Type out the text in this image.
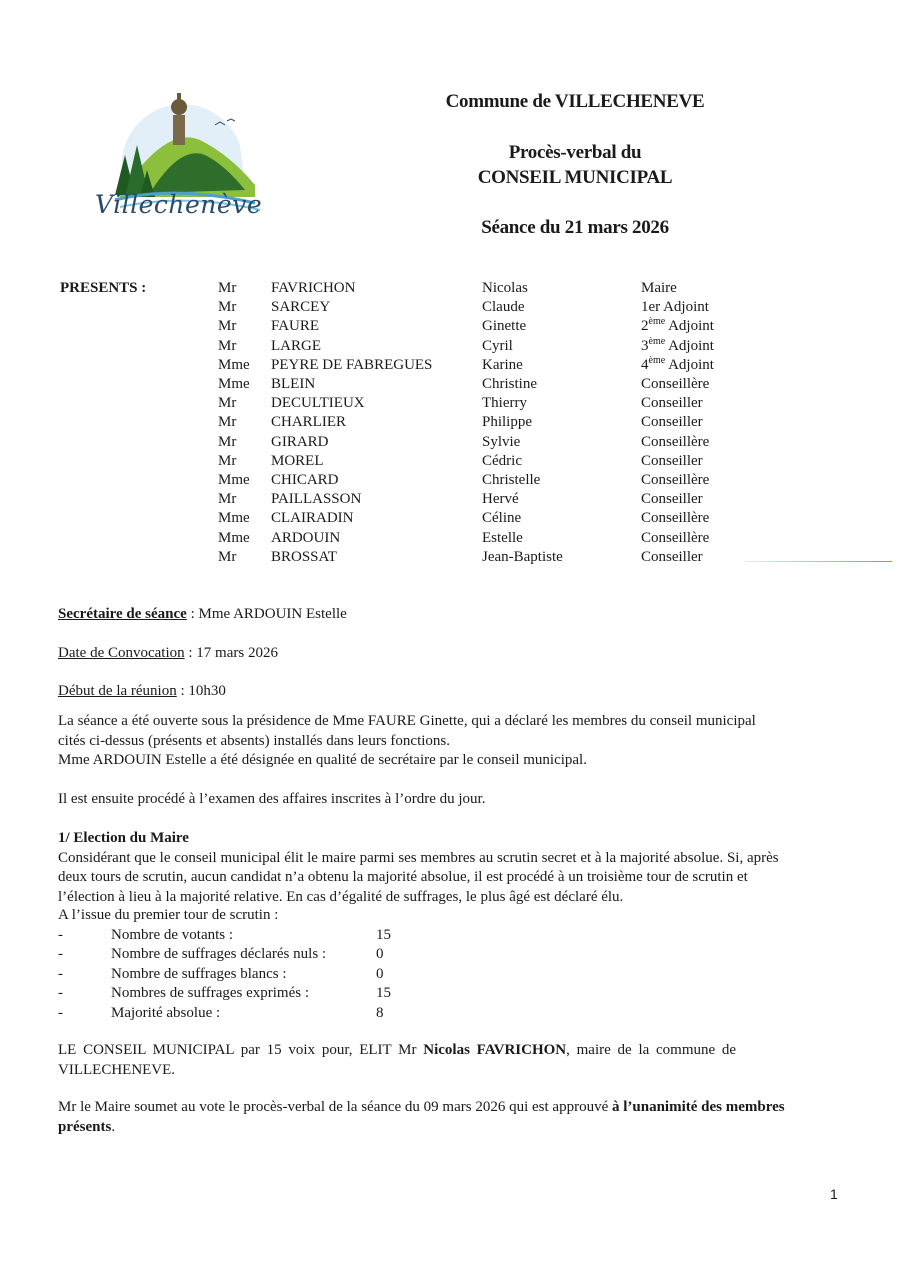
Villechenève
Commune de VILLECHENEVE
Procès-verbal du
CONSEIL MUNICIPAL
Séance du 21 mars 2026
PRESENTS :	Mr FAVRICHON	Nicolas	Maire
Mr SARCEY	Claude	1er Adjoint
Mr FAURE	Ginette	2ème Adjoint
Mr LARGE	Cyril	3ème Adjoint
Mme PEYRE DE FABREGUES	Karine	4ème Adjoint
Mme BLEIN	Christine	Conseillère
Mr DECULTIEUX	Thierry	Conseiller
Mr CHARLIER	Philippe	Conseiller
Mr GIRARD	Sylvie	Conseillère
Mr MOREL	Cédric	Conseiller
Mme CHICARD	Christelle	Conseillère
Mr PAILLASSON	Hervé	Conseiller
Mme CLAIRADIN	Céline	Conseillère
Mme ARDOUIN	Estelle	Conseillère
Mr BROSSAT	Jean-Baptiste	Conseiller
Secrétaire de séance : Mme ARDOUIN Estelle
Date de Convocation : 17 mars 2026
Début de la réunion : 10h30
La séance a été ouverte sous la présidence de Mme FAURE Ginette, qui a déclaré les membres du conseil municipal
cités ci-dessus (présents et absents) installés dans leurs fonctions.
Mme ARDOUIN Estelle a été désignée en qualité de secrétaire par le conseil municipal.
Il est ensuite procédé à l’examen des affaires inscrites à l’ordre du jour.
1/ Election du Maire
Considérant que le conseil municipal élit le maire parmi ses membres au scrutin secret et à la majorité absolue. Si, après
deux tours de scrutin, aucun candidat n’a obtenu la majorité absolue, il est procédé à un troisième tour de scrutin et
l’élection à lieu à la majorité relative. En cas d’égalité de suffrages, le plus âgé est déclaré élu.
A l’issue du premier tour de scrutin :
-	Nombre de votants :	15
-	Nombre de suffrages déclarés nuls :	0
-	Nombre de suffrages blancs :	0
-	Nombres de suffrages exprimés :	15
-	Majorité absolue :	8
LE CONSEIL MUNICIPAL par 15 voix pour, ELIT Mr Nicolas FAVRICHON, maire de la commune de
VILLECHENEVE.
Mr le Maire soumet au vote le procès-verbal de la séance du 09 mars 2026 qui est approuvé à l’unanimité des membres
présents.
1
